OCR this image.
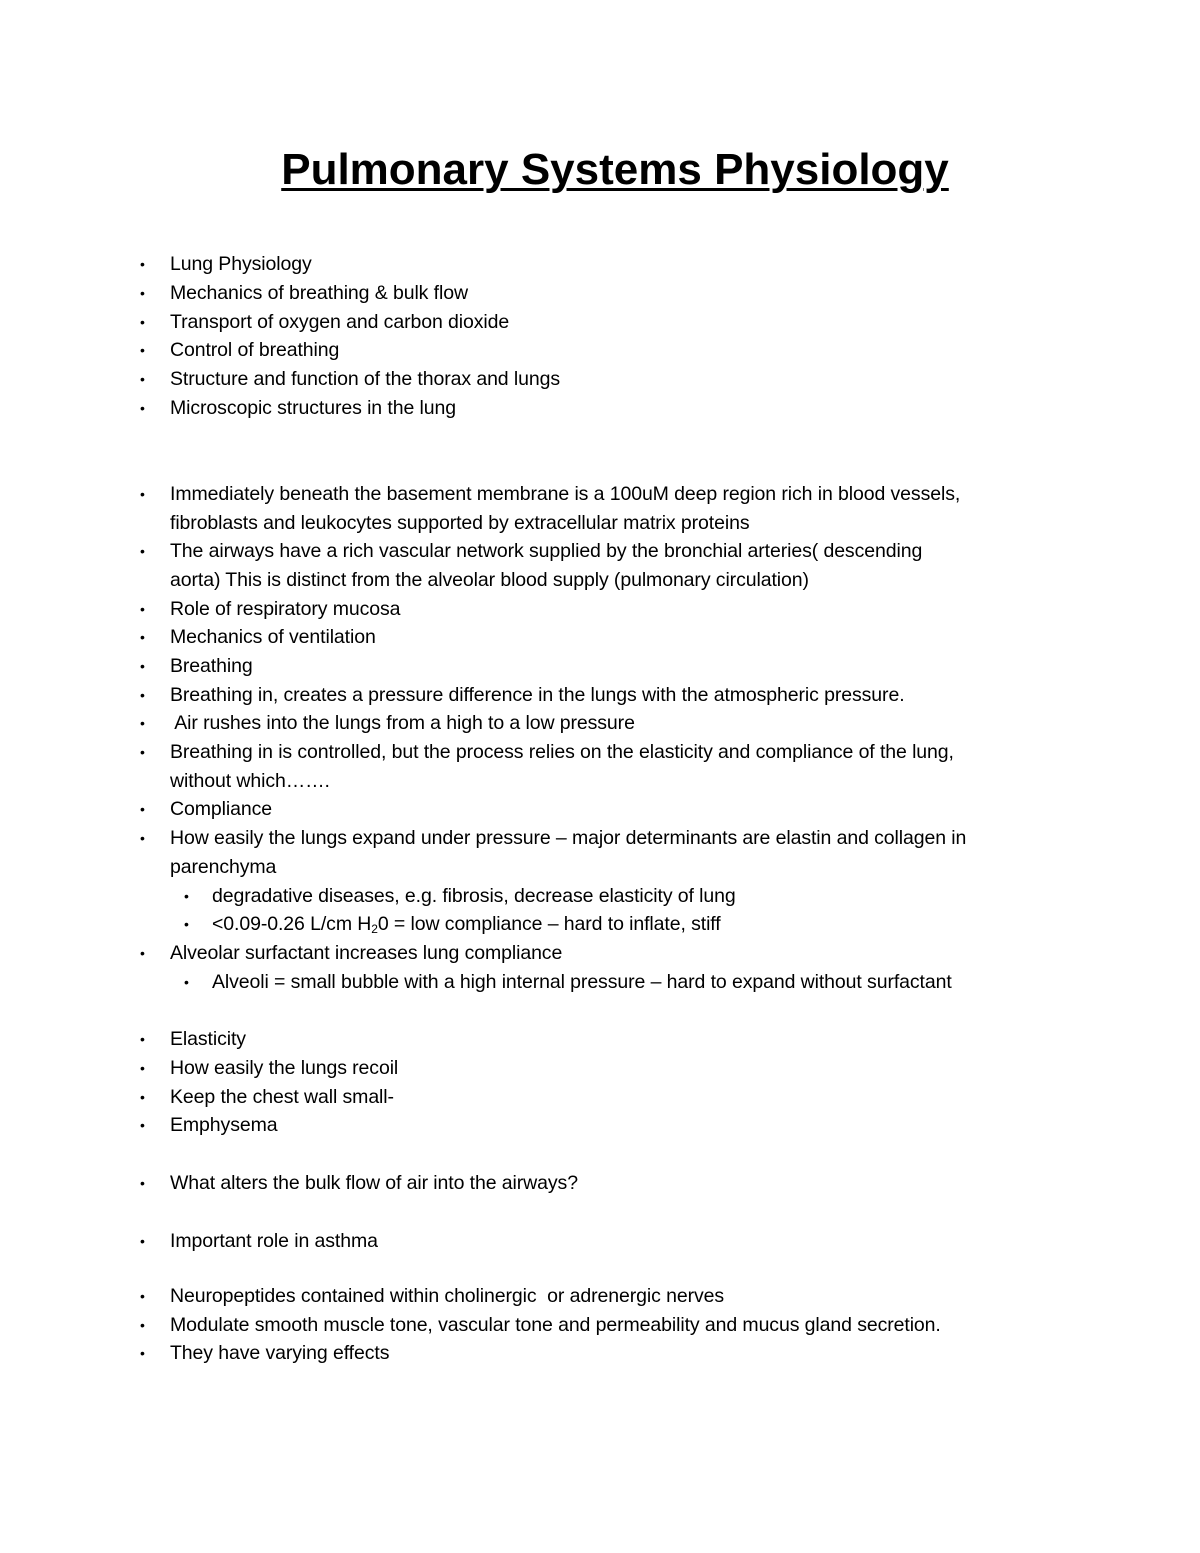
Pulmonary Systems Physiology
• Lung Physiology
• Mechanics of breathing & bulk flow
• Transport of oxygen and carbon dioxide
• Control of breathing
• Structure and function of the thorax and lungs
• Microscopic structures in the lung
• Immediately beneath the basement membrane is a 100uM deep region rich in blood vessels,
fibroblasts and leukocytes supported by extracellular matrix proteins
• The airways have a rich vascular network supplied by the bronchial arteries( descending
aorta) This is distinct from the alveolar blood supply (pulmonary circulation)
• Role of respiratory mucosa
• Mechanics of ventilation
• Breathing
• Breathing in, creates a pressure difference in the lungs with the atmospheric pressure.
• Air rushes into the lungs from a high to a low pressure
• Breathing in is controlled, but the process relies on the elasticity and compliance of the lung,
without which…….
• Compliance
• How easily the lungs expand under pressure – major determinants are elastin and collagen in
parenchyma
• degradative diseases, e.g. fibrosis, decrease elasticity of lung
• <0.09-0.26 L/cm $H_20$ = low compliance – hard to inflate, stiff
• Alveolar surfactant increases lung compliance
• Alveoli = small bubble with a high internal pressure – hard to expand without surfactant
• Elasticity
• How easily the lungs recoil
• Keep the chest wall small-
• Emphysema
• What alters the bulk flow of air into the airways?
• Important role in asthma
• Neuropeptides contained within cholinergic  or adrenergic nerves
• Modulate smooth muscle tone, vascular tone and permeability and mucus gland secretion.
• They have varying effects
